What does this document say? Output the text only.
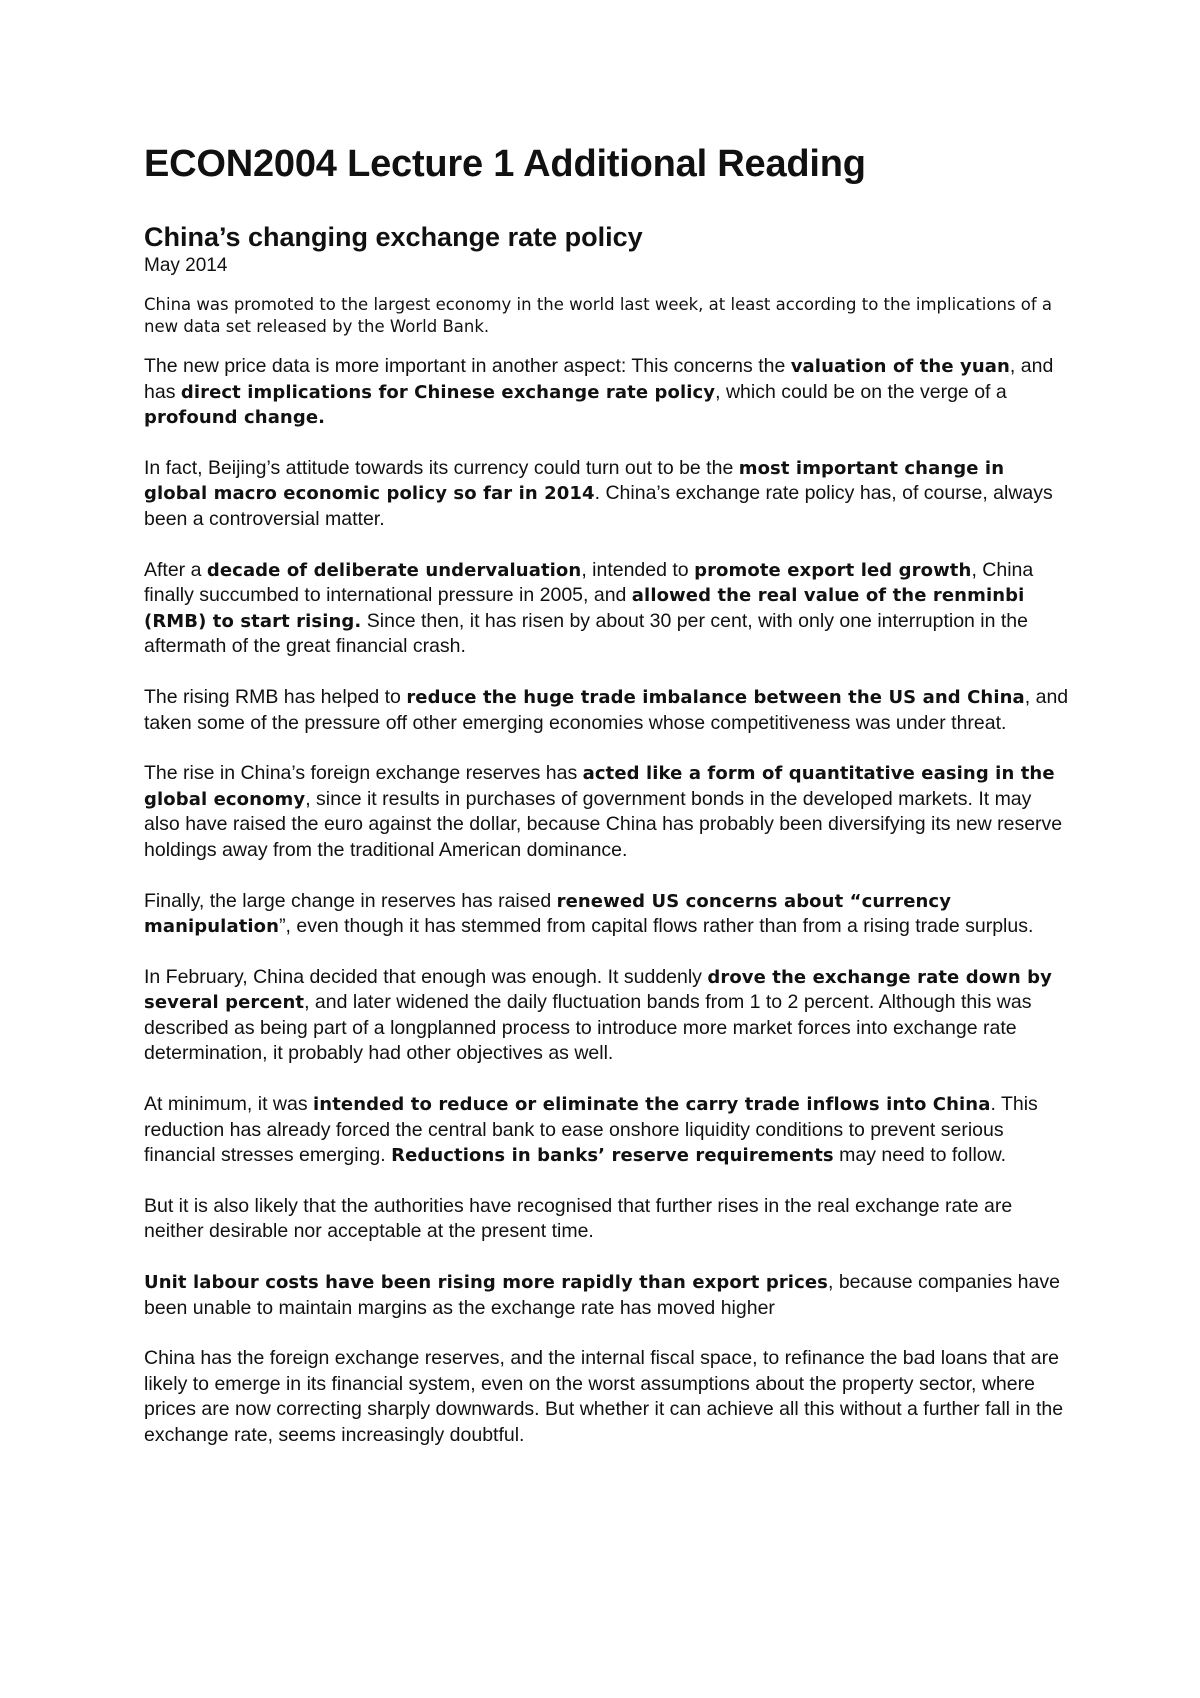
ECON2004 Lecture 1 Additional Reading
China’s changing exchange rate policy

May 2014

China was promoted to the largest economy in the world last week, at least according to the implications of a new data set released by the World Bank.

The new price data is more important in another aspect: This concerns the valuation of the yuan, and has direct implications for Chinese exchange rate policy, which could be on the verge of a profound change.

In fact, Beijing’s attitude towards its currency could turn out to be the most important change in global macro economic policy so far in 2014. China’s exchange rate policy has, of course, always been a controversial matter.

After a decade of deliberate undervaluation, intended to promote export led growth, China finally succumbed to international pressure in 2005, and allowed the real value of the renminbi (RMB) to start rising. Since then, it has risen by about 30 per cent, with only one interruption in the aftermath of the great financial crash.

The rising RMB has helped to reduce the huge trade imbalance between the US and China, and taken some of the pressure off other emerging economies whose competitiveness was under threat.

The rise in China’s foreign exchange reserves has acted like a form of quantitative easing in the global economy, since it results in purchases of government bonds in the developed markets. It may also have raised the euro against the dollar, because China has probably been diversifying its new reserve holdings away from the traditional American dominance.

Finally, the large change in reserves has raised renewed US concerns about “currency manipulation”, even though it has stemmed from capital flows rather than from a rising trade surplus.

In February, China decided that enough was enough. It suddenly drove the exchange rate down by several percent, and later widened the daily fluctuation bands from 1 to 2 percent. Although this was described as being part of a longplanned process to introduce more market forces into exchange rate determination, it probably had other objectives as well.

At minimum, it was intended to reduce or eliminate the carry trade inflows into China. This reduction has already forced the central bank to ease onshore liquidity conditions to prevent serious financial stresses emerging. Reductions in banks’ reserve requirements may need to follow.

But it is also likely that the authorities have recognised that further rises in the real exchange rate are neither desirable nor acceptable at the present time.

Unit labour costs have been rising more rapidly than export prices, because companies have been unable to maintain margins as the exchange rate has moved higher

China has the foreign exchange reserves, and the internal fiscal space, to refinance the bad loans that are likely to emerge in its financial system, even on the worst assumptions about the property sector, where prices are now correcting sharply downwards. But whether it can achieve all this without a further fall in the exchange rate, seems increasingly doubtful.
